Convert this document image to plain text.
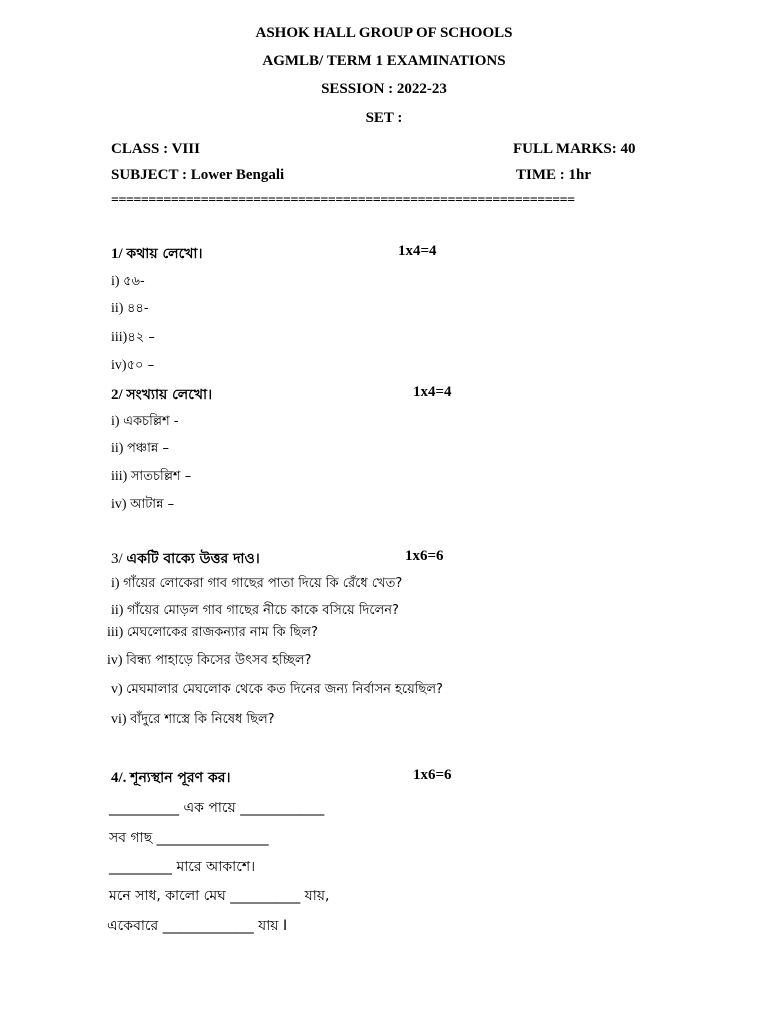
ASHOK HALL GROUP OF SCHOOLS
AGMLB/ TERM 1 EXAMINATIONS
SESSION : 2022-23
SET :
CLASS : VIII	FULL MARKS: 40
SUBJECT : Lower Bengali	TIME : 1hr
==============================================================
1/ কথায় লেখো।	1x4=4
i) ৫৬-
ii) ৪৪-
iii)৪২ –
iv)৫০ –
2/ সংখ্যায় লেখো।	1x4=4
i) একচল্লিশ -
ii) পঞ্চান্ন –
iii) সাতচল্লিশ –
iv) আটান্ন –
3/ একটি বাক্যে উত্তর দাও।	1x6=6
i) গাঁয়ের লোকেরা গাব গাছের পাতা দিয়ে কি রেঁধে খেত?
ii) গাঁয়ের মোড়ল গাব গাছের নীচে কাকে বসিয়ে দিলেন?
iii) মেঘলোকের রাজকন্যার নাম কি ছিল?
iv) বিন্ধ্য পাহাড়ে কিসের উৎসব হচ্ছিল?
v) মেঘমালার মেঘলোক থেকে কত দিনের জন্য নির্বাসন হয়েছিল?
vi) বাঁদুরে শাস্ত্রে কি নিষেধ ছিল?
4/. শূন্যস্থান পূরণ কর।	1x6=6
__________ এক পায়ে ____________
সব গাছ ________________
_________ মারে আকাশে।
মনে সাধ, কালো মেঘ __________ যায়,
একেবারে _____________ যায় I
